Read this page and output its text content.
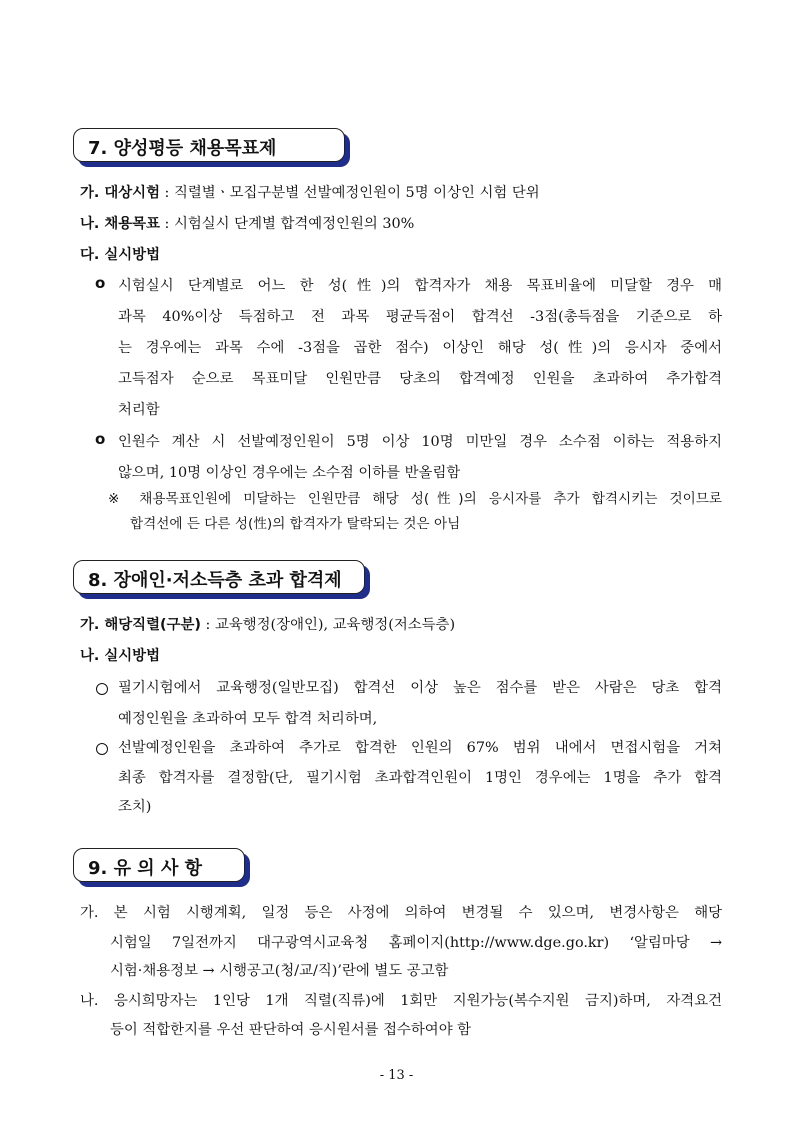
7. 양성평등 채용목표제
가. 대상시험 : 직렬별ㆍ모집구분별 선발예정인원이 5명 이상인 시험 단위
나. 채용목표 : 시험실시 단계별 합격예정인원의 30%
다. 실시방법
o 시험실시 단계별로 어느 한 성(性)의 합격자가 채용 목표비율에 미달할 경우 매
과목 40%이상 득점하고 전 과목 평균득점이 합격선 -3점(총득점을 기준으로 하
는 경우에는 과목 수에 -3점을 곱한 점수) 이상인 해당 성(性)의 응시자 중에서
고득점자 순으로 목표미달 인원만큼 당초의 합격예정 인원을 초과하여 추가합격
처리함
o 인원수 계산 시 선발예정인원이 5명 이상 10명 미만일 경우 소수점 이하는 적용하지
않으며, 10명 이상인 경우에는 소수점 이하를 반올림함
※ 채용목표인원에 미달하는 인원만큼 해당 성(性)의 응시자를 추가 합격시키는 것이므로
합격선에 든 다른 성(性)의 합격자가 탈락되는 것은 아님
8. 장애인·저소득층 초과 합격제
가. 해당직렬(구분) : 교육행정(장애인), 교육행정(저소득층)
나. 실시방법
필기시험에서 교육행정(일반모집) 합격선 이상 높은 점수를 받은 사람은 당초 합격
예정인원을 초과하여 모두 합격 처리하며,
선발예정인원을 초과하여 추가로 합격한 인원의 67% 범위 내에서 면접시험을 거쳐
최종 합격자를 결정함(단, 필기시험 초과합격인원이 1명인 경우에는 1명을 추가 합격
조치)
9. 유 의 사 항
가. 본 시험 시행계획, 일정 등은 사정에 의하여 변경될 수 있으며, 변경사항은 해당
시험일 7일전까지 대구광역시교육청 홈페이지(http://www.dge.go.kr) ‘알림마당 →
시험·채용정보 → 시행공고(청/교/직)’란에 별도 공고함
나. 응시희망자는 1인당 1개 직렬(직류)에 1회만 지원가능(복수지원 금지)하며, 자격요건
등이 적합한지를 우선 판단하여 응시원서를 접수하여야 함
- 13 -
